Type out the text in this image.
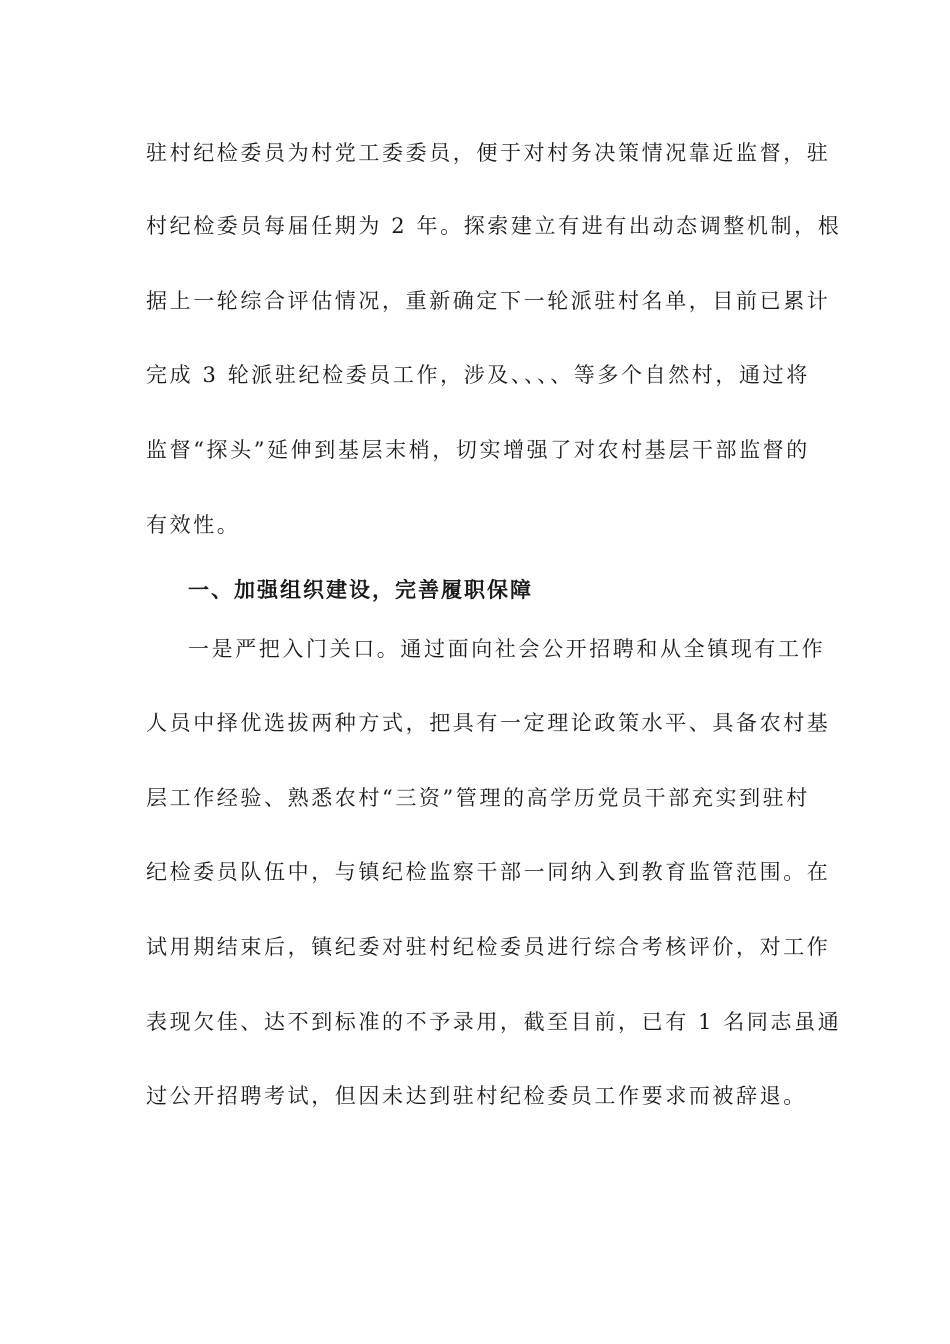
驻村纪检委员为村党工委委员，便于对村务决策情况靠近监督，驻
村纪检委员每届任期为 2 年。探索建立有进有出动态调整机制，根
据上一轮综合评估情况，重新确定下一轮派驻村名单，目前已累计
完成 3 轮派驻纪检委员工作，涉及、、、、等多个自然村，通过将
监督“探头”延伸到基层末梢，切实增强了对农村基层干部监督的
有效性。
一、加强组织建设，完善履职保障
一是严把入门关口。通过面向社会公开招聘和从全镇现有工作
人员中择优选拔两种方式，把具有一定理论政策水平、具备农村基
层工作经验、熟悉农村“三资”管理的高学历党员干部充实到驻村
纪检委员队伍中，与镇纪检监察干部一同纳入到教育监管范围。在
试用期结束后，镇纪委对驻村纪检委员进行综合考核评价，对工作
表现欠佳、达不到标准的不予录用，截至目前，已有 1 名同志虽通
过公开招聘考试，但因未达到驻村纪检委员工作要求而被辞退。
